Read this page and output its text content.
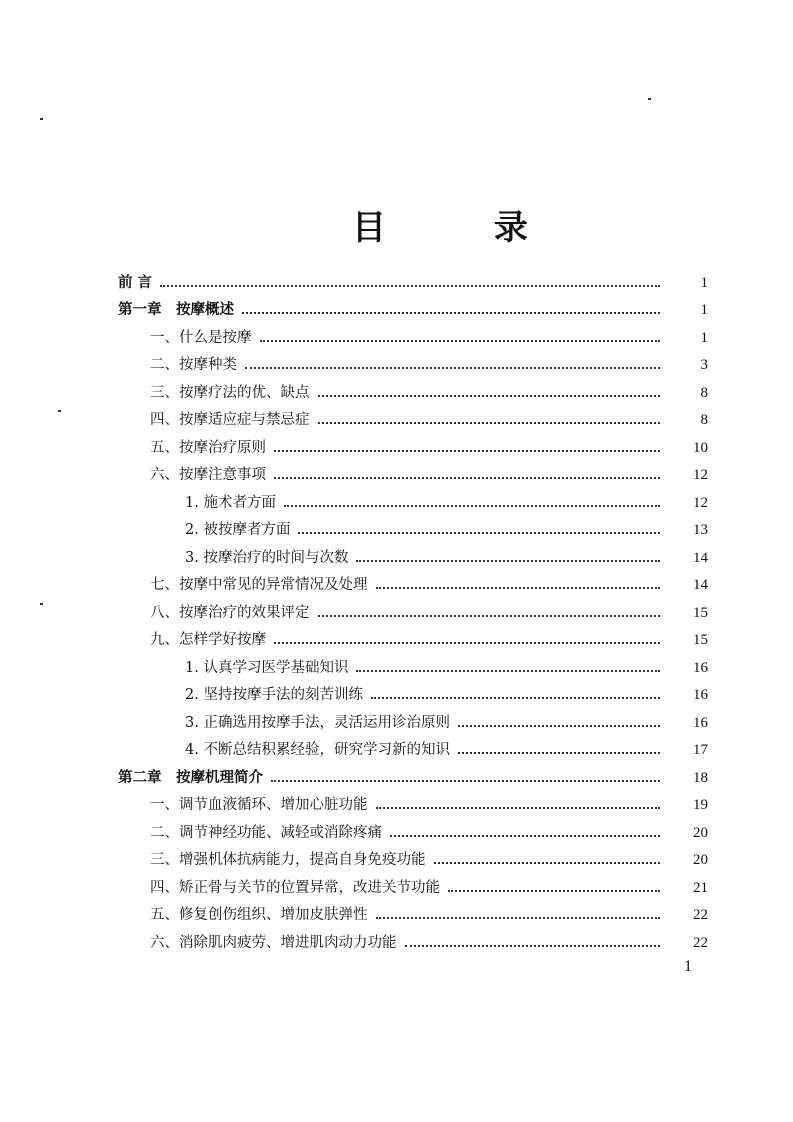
目 录
前 言	1
第一章　按摩概述	1
一、什么是按摩	1
二、按摩种类	3
三、按摩疗法的优、缺点	8
四、按摩适应症与禁忌症	8
五、按摩治疗原则	10
六、按摩注意事项	12
1. 施术者方面	12
2. 被按摩者方面	13
3. 按摩治疗的时间与次数	14
七、按摩中常见的异常情况及处理	14
八、按摩治疗的效果评定	15
九、怎样学好按摩	15
1. 认真学习医学基础知识	16
2. 坚持按摩手法的刻苦训练	16
3. 正确选用按摩手法，灵活运用诊治原则	16
4. 不断总结积累经验，研究学习新的知识	17
第二章　按摩机理简介	18
一、调节血液循环、增加心脏功能	19
二、调节神经功能、减轻或消除疼痛	20
三、增强机体抗病能力，提高自身免疫功能	20
四、矫正骨与关节的位置异常，改进关节功能	21
五、修复创伤组织、增加皮肤弹性	22
六、消除肌肉疲劳、增进肌肉动力功能	22
1
